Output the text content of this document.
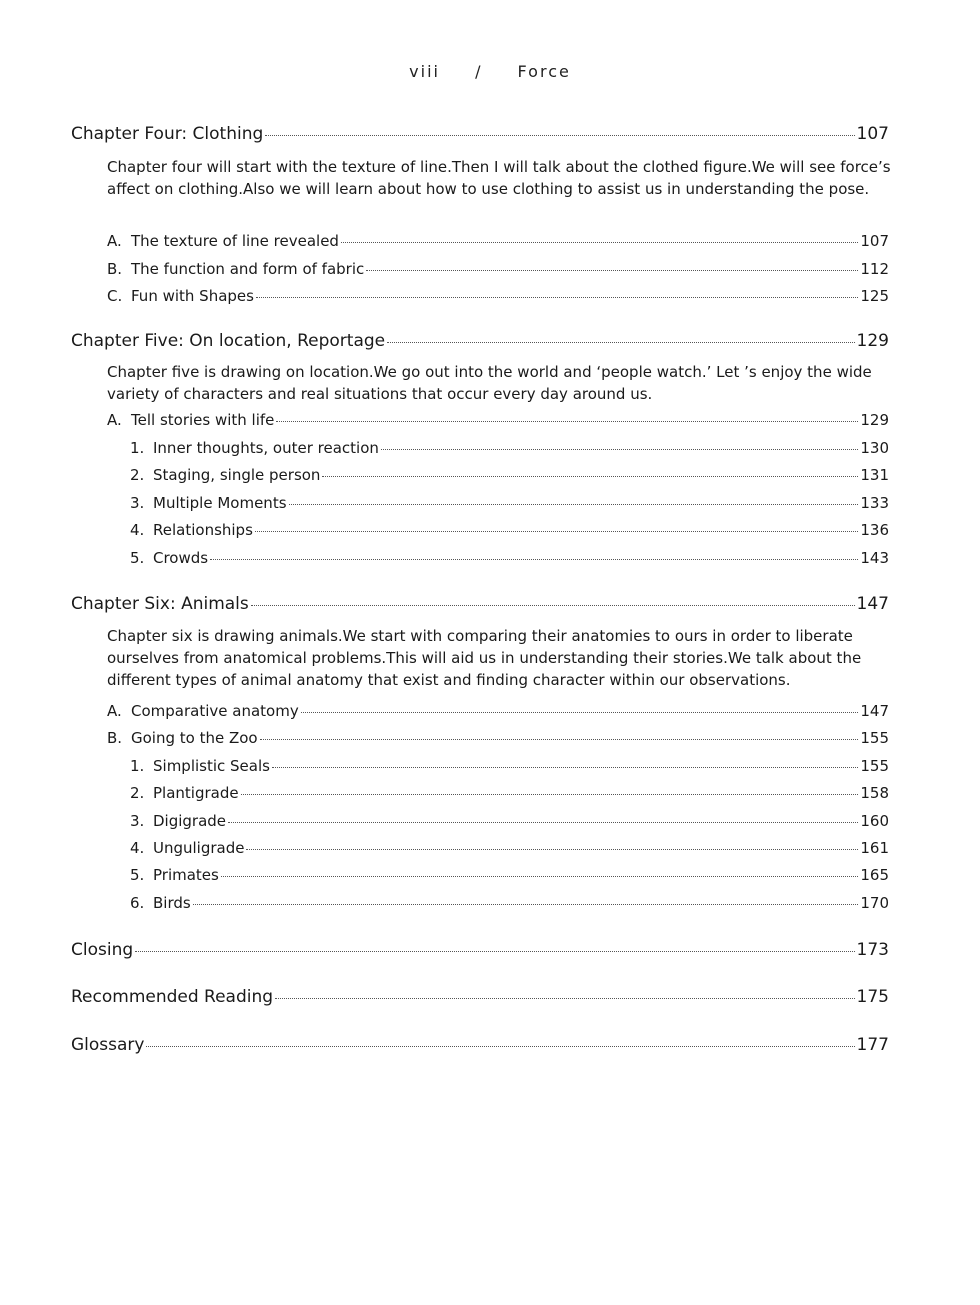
viii / Force
Chapter Four: Clothing	107
Chapter four will start with the texture of line.Then I will talk about the clothed figure.We will see force’s affect on clothing.Also we will learn about how to use clothing to assist us in understanding the pose.
A. The texture of line revealed	107
B. The function and form of fabric	112
C. Fun with Shapes	125
Chapter Five: On location, Reportage	129
Chapter five is drawing on location.We go out into the world and ‘people watch.’ Let ’s enjoy the wide variety of characters and real situations that occur every day around us.
A. Tell stories with life	129
1. Inner thoughts, outer reaction	130
2. Staging, single person	131
3. Multiple Moments	133
4. Relationships	136
5. Crowds	143
Chapter Six: Animals	147
Chapter six is drawing animals.We start with comparing their anatomies to ours in order to liberate ourselves from anatomical problems.This will aid us in understanding their stories.We talk about the different types of animal anatomy that exist and finding character within our observations.
A. Comparative anatomy	147
B. Going to the Zoo	155
1. Simplistic Seals	155
2. Plantigrade	158
3. Digigrade	160
4. Unguligrade	161
5. Primates	165
6. Birds	170
Closing	173
Recommended Reading	175
Glossary	177
